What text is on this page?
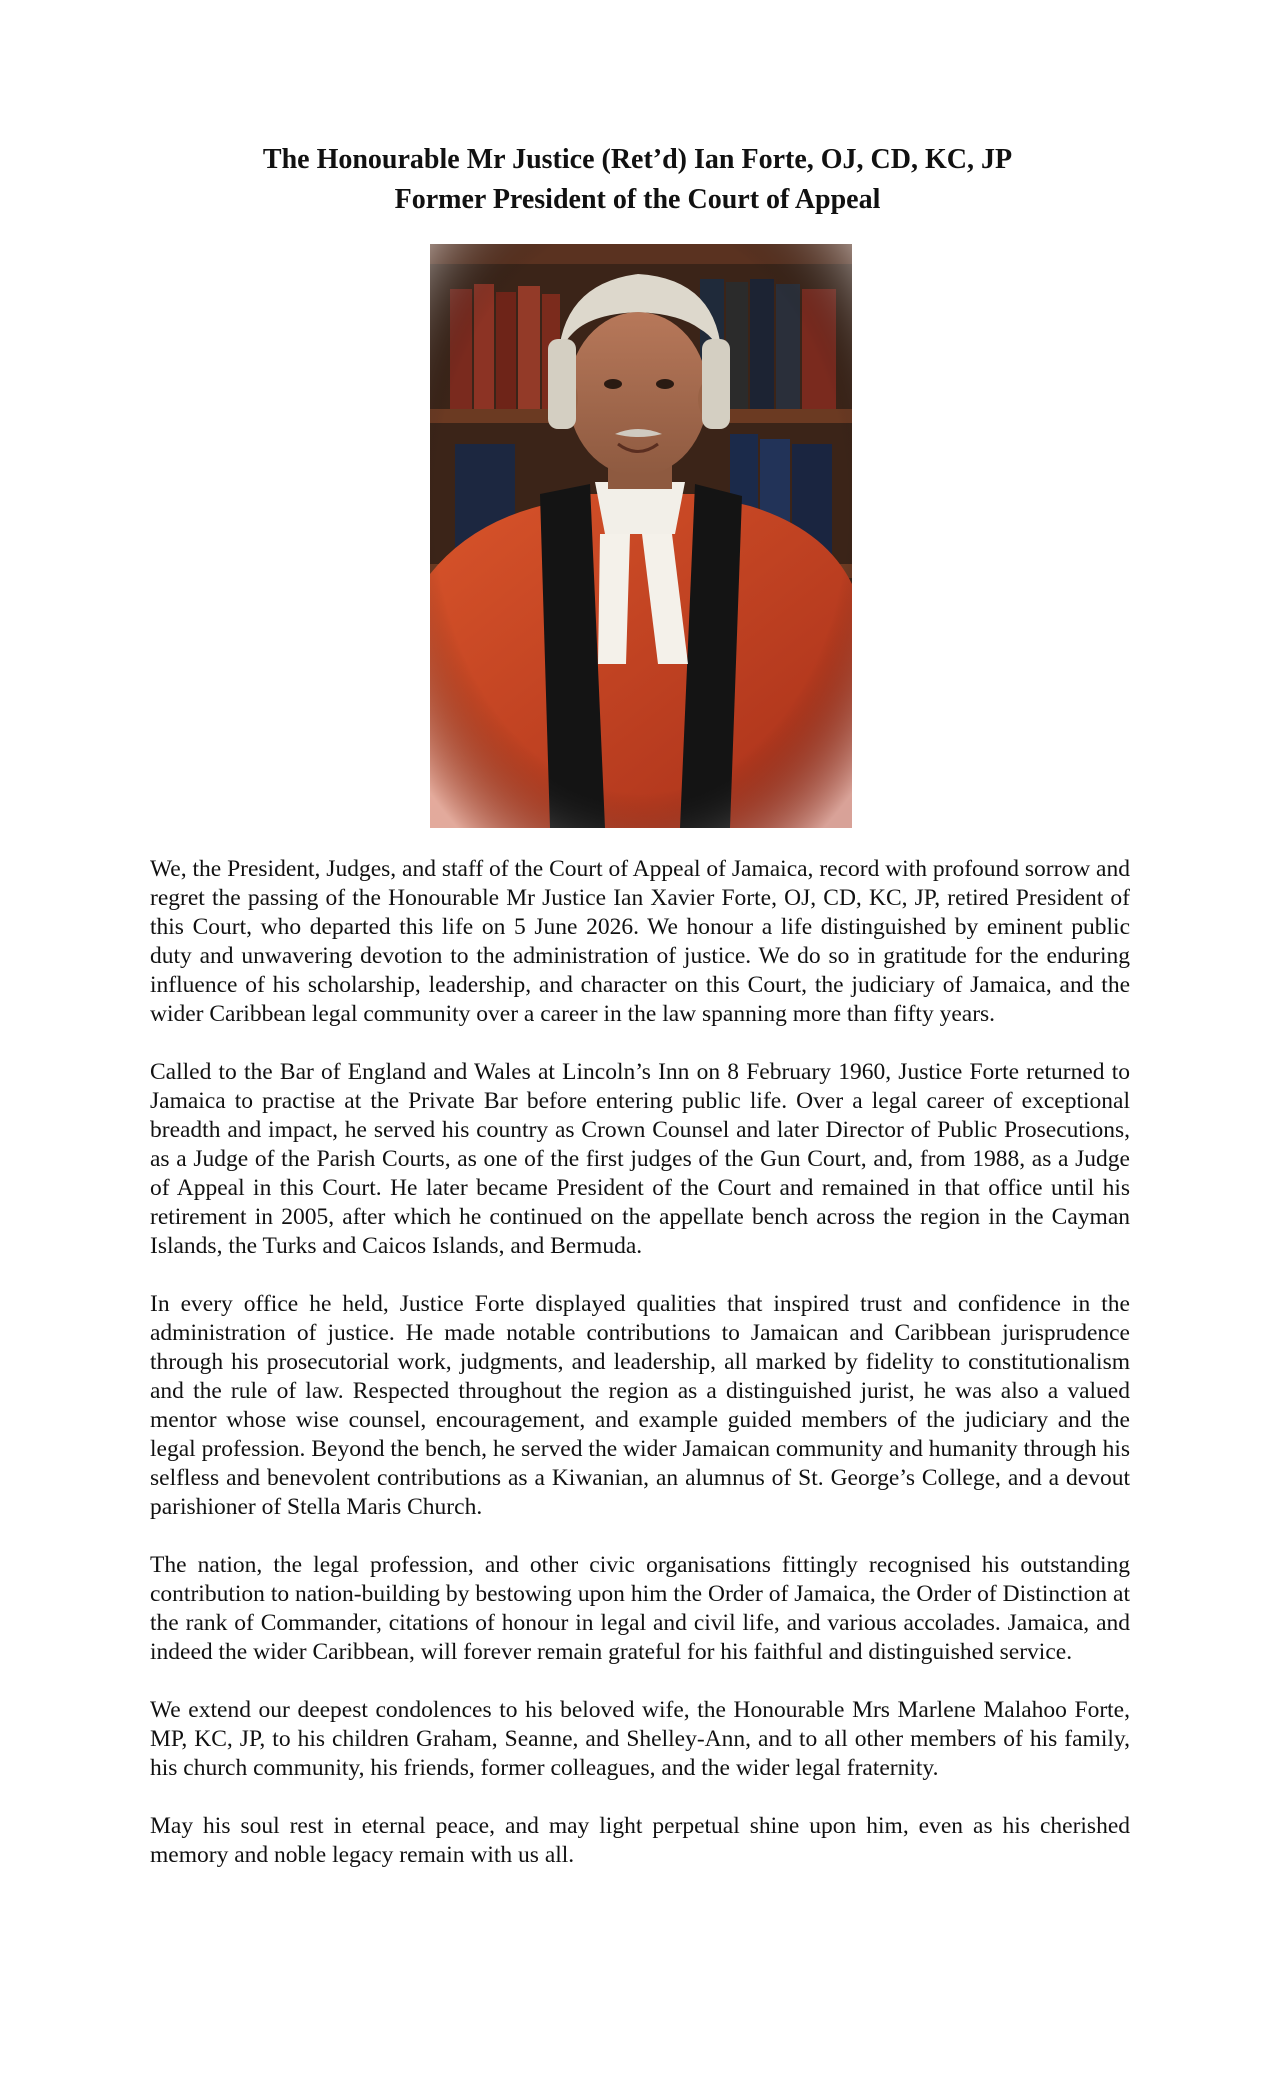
The Honourable Mr Justice (Ret’d) Ian Forte, OJ, CD, KC, JP

Former President of the Court of Appeal

We, the President, Judges, and staff of the Court of Appeal of Jamaica, record with profound sorrow and regret the passing of the Honourable Mr Justice Ian Xavier Forte, OJ, CD, KC, JP, retired President of this Court, who departed this life on 5 June 2026. We honour a life distinguished by eminent public duty and unwavering devotion to the administration of justice. We do so in gratitude for the enduring influence of his scholarship, leadership, and character on this Court, the judiciary of Jamaica, and the wider Caribbean legal community over a career in the law spanning more than fifty years.

Called to the Bar of England and Wales at Lincoln’s Inn on 8 February 1960, Justice Forte returned to Jamaica to practise at the Private Bar before entering public life. Over a legal career of exceptional breadth and impact, he served his country as Crown Counsel and later Director of Public Prosecutions, as a Judge of the Parish Courts, as one of the first judges of the Gun Court, and, from 1988, as a Judge of Appeal in this Court. He later became President of the Court and remained in that office until his retirement in 2005, after which he continued on the appellate bench across the region in the Cayman Islands, the Turks and Caicos Islands, and Bermuda.

In every office he held, Justice Forte displayed qualities that inspired trust and confidence in the administration of justice. He made notable contributions to Jamaican and Caribbean jurisprudence through his prosecutorial work, judgments, and leadership, all marked by fidelity to constitutionalism and the rule of law. Respected throughout the region as a distinguished jurist, he was also a valued mentor whose wise counsel, encouragement, and example guided members of the judiciary and the legal profession. Beyond the bench, he served the wider Jamaican community and humanity through his selfless and benevolent contributions as a Kiwanian, an alumnus of St. George’s College, and a devout parishioner of Stella Maris Church.

The nation, the legal profession, and other civic organisations fittingly recognised his outstanding contribution to nation-building by bestowing upon him the Order of Jamaica, the Order of Distinction at the rank of Commander, citations of honour in legal and civil life, and various accolades. Jamaica, and indeed the wider Caribbean, will forever remain grateful for his faithful and distinguished service.

We extend our deepest condolences to his beloved wife, the Honourable Mrs Marlene Malahoo Forte, MP, KC, JP, to his children Graham, Seanne, and Shelley-Ann, and to all other members of his family, his church community, his friends, former colleagues, and the wider legal fraternity.

May his soul rest in eternal peace, and may light perpetual shine upon him, even as his cherished memory and noble legacy remain with us all.
